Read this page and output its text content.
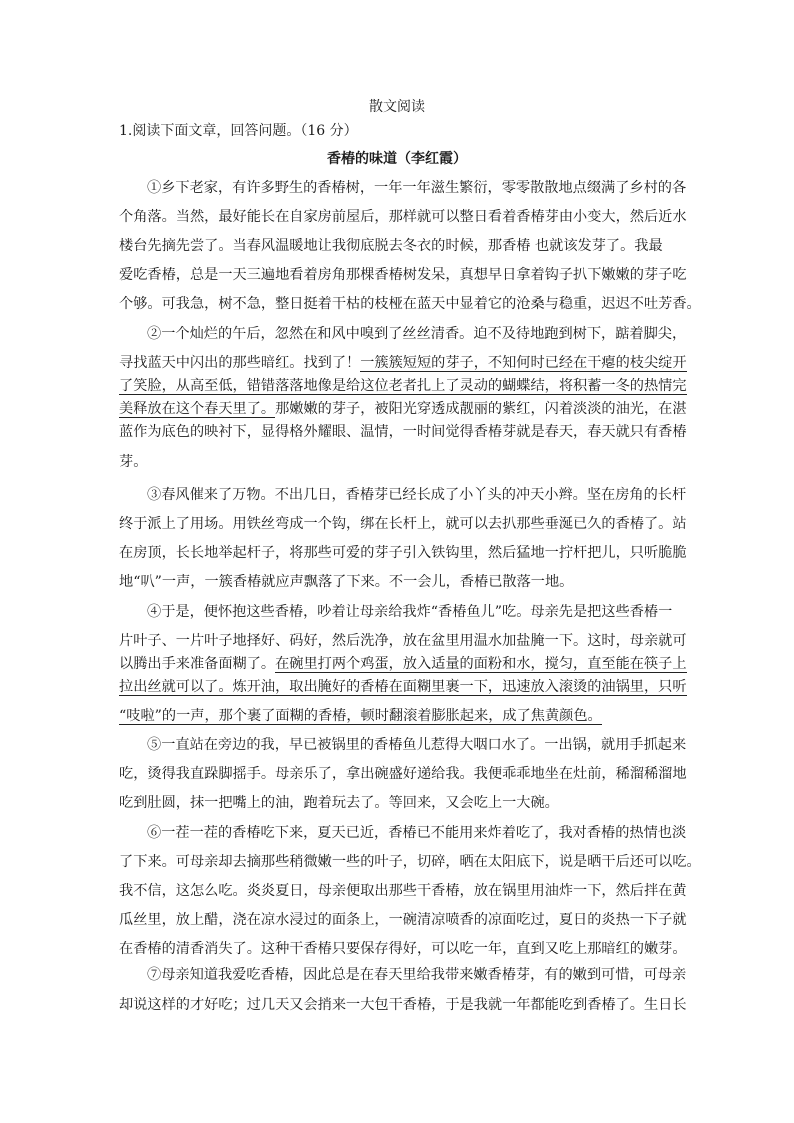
散文阅读
1.阅读下面文章，回答问题。（16 分）
香椿的味道（李红霞）
①乡下老家，有许多野生的香椿树，一年一年滋生繁衍，零零散散地点缀满了乡村的各
个角落。当然，最好能长在自家房前屋后，那样就可以整日看着香椿芽由小变大，然后近水
楼台先摘先尝了。当春风温暖地让我彻底脱去冬衣的时候，那香椿 也就该发芽了。我最
爱吃香椿，总是一天三遍地看着房角那棵香椿树发呆，真想早日拿着钩子扒下嫩嫩的芽子吃
个够。可我急，树不急，整日挺着干枯的枝桠在蓝天中显着它的沧桑与稳重，迟迟不吐芳香。
②一个灿烂的午后，忽然在和风中嗅到了丝丝清香。迫不及待地跑到树下，踮着脚尖，
寻找蓝天中闪出的那些暗红。找到了！一簇簇短短的芽子，不知何时已经在干瘪的枝尖绽开
了笑脸，从高至低，错错落落地像是给这位老者扎上了灵动的蝴蝶结，将积蓄一冬的热情完
美释放在这个春天里了。那嫩嫩的芽子，被阳光穿透成靓丽的紫红，闪着淡淡的油光，在湛
蓝作为底色的映衬下，显得格外耀眼、温情，一时间觉得香椿芽就是春天，春天就只有香椿
芽。
③春风催来了万物。不出几日，香椿芽已经长成了小丫头的冲天小辫。坚在房角的长杆
终于派上了用场。用铁丝弯成一个钩，绑在长杆上，就可以去扒那些垂涎已久的香椿了。站
在房顶，长长地举起杆子，将那些可爱的芽子引入铁钩里，然后猛地一拧杆把儿，只听脆脆
地“叭”一声，一簇香椿就应声飘落了下来。不一会儿，香椿已散落一地。
④于是，便怀抱这些香椿，吵着让母亲给我炸“香椿鱼儿”吃。母亲先是把这些香椿一
片叶子、一片叶子地择好、码好，然后洗净，放在盆里用温水加盐腌一下。这时，母亲就可
以腾出手来准备面糊了。在碗里打两个鸡蛋，放入适量的面粉和水，搅匀，直至能在筷子上
拉出丝就可以了。炼开油，取出腌好的香椿在面糊里裹一下，迅速放入滚烫的油锅里，只听
“吱啦”的一声，那个裹了面糊的香椿，顿时翻滚着膨胀起来，成了焦黄颜色。
⑤一直站在旁边的我，早已被锅里的香椿鱼儿惹得大咽口水了。一出锅，就用手抓起来
吃，烫得我直跺脚摇手。母亲乐了，拿出碗盛好递给我。我便乖乖地坐在灶前，稀溜稀溜地
吃到肚圆，抹一把嘴上的油，跑着玩去了。等回来，又会吃上一大碗。
⑥一茬一茬的香椿吃下来，夏天已近，香椿已不能用来炸着吃了，我对香椿的热情也淡
了下来。可母亲却去摘那些稍微嫩一些的叶子，切碎，晒在太阳底下，说是晒干后还可以吃。
我不信，这怎么吃。炎炎夏日，母亲便取出那些干香椿，放在锅里用油炸一下，然后拌在黄
瓜丝里，放上醋，浇在凉水浸过的面条上，一碗清凉喷香的凉面吃过，夏日的炎热一下子就
在香椿的清香消失了。这种干香椿只要保存得好，可以吃一年，直到又吃上那暗红的嫩芽。
⑦母亲知道我爱吃香椿，因此总是在春天里给我带来嫩香椿芽，有的嫩到可惜，可母亲
却说这样的才好吃；过几天又会捎来一大包干香椿，于是我就一年都能吃到香椿了。生日长
